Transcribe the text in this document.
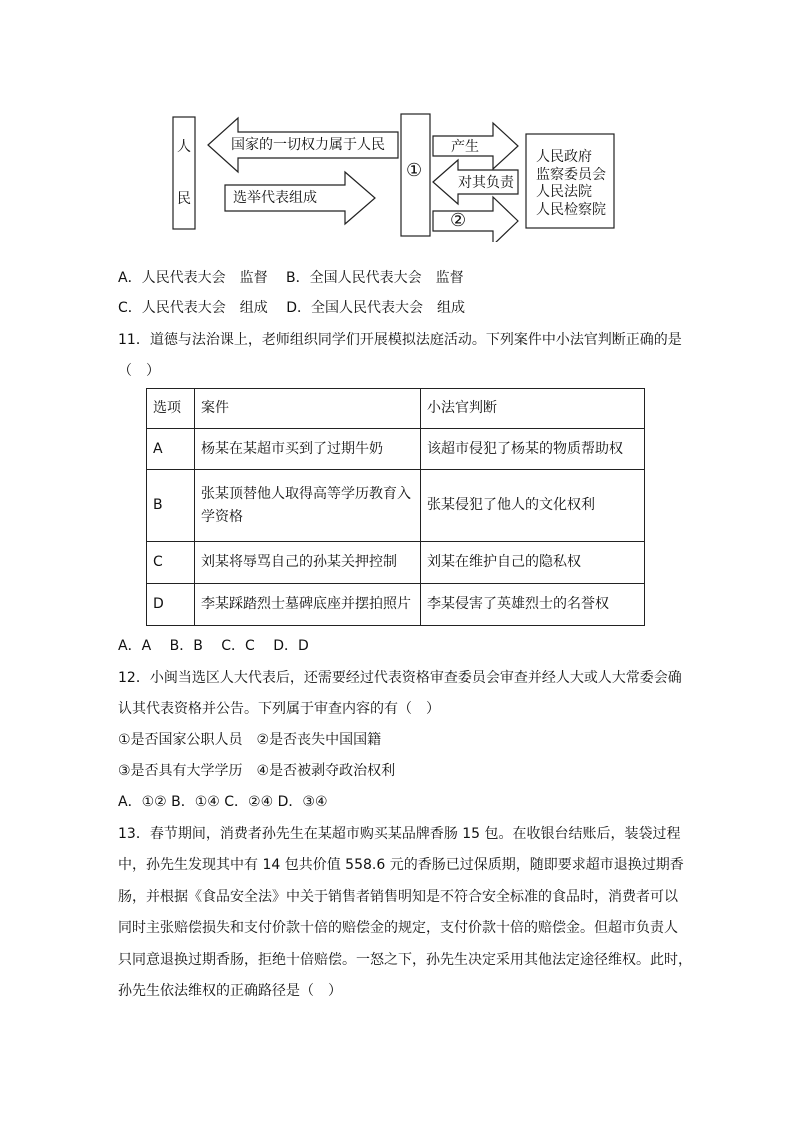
人
民
国家的一切权力属于人民
选举代表组成
①
产生
对其负责
②
人民政府
监察委员会
人民法院
人民检察院
A．人民代表大会　监督　 B．全国人民代表大会　监督
C．人民代表大会　组成　 D．全国人民代表大会　组成
11．道德与法治课上，老师组织同学们开展模拟法庭活动。下列案件中小法官判断正确的是
（　）
选项	案件	小法官判断
A	杨某在某超市买到了过期牛奶	该超市侵犯了杨某的物质帮助权
B	张某顶替他人取得高等学历教育入
学资格	张某侵犯了他人的文化权利
C	刘某将辱骂自己的孙某关押控制	刘某在维护自己的隐私权
D	李某踩踏烈士墓碑底座并摆拍照片	李某侵害了英雄烈士的名誉权
A．A　 B．B　 C．C　 D．D
12．小闽当选区人大代表后，还需要经过代表资格审查委员会审查并经人大或人大常委会确
认其代表资格并公告。下列属于审查内容的有（　）
①是否国家公职人员　②是否丧失中国国籍
③是否具有大学学历　④是否被剥夺政治权利
A．①② B．①④ C．②④ D．③④
13．春节期间，消费者孙先生在某超市购买某品牌香肠 15 包。在收银台结账后，装袋过程
中，孙先生发现其中有 14 包共价值 558.6 元的香肠已过保质期，随即要求超市退换过期香
肠，并根据《食品安全法》中关于销售者销售明知是不符合安全标准的食品时，消费者可以
同时主张赔偿损失和支付价款十倍的赔偿金的规定，支付价款十倍的赔偿金。但超市负责人
只同意退换过期香肠，拒绝十倍赔偿。一怒之下，孙先生决定采用其他法定途径维权。此时，
孙先生依法维权的正确路径是（　）
